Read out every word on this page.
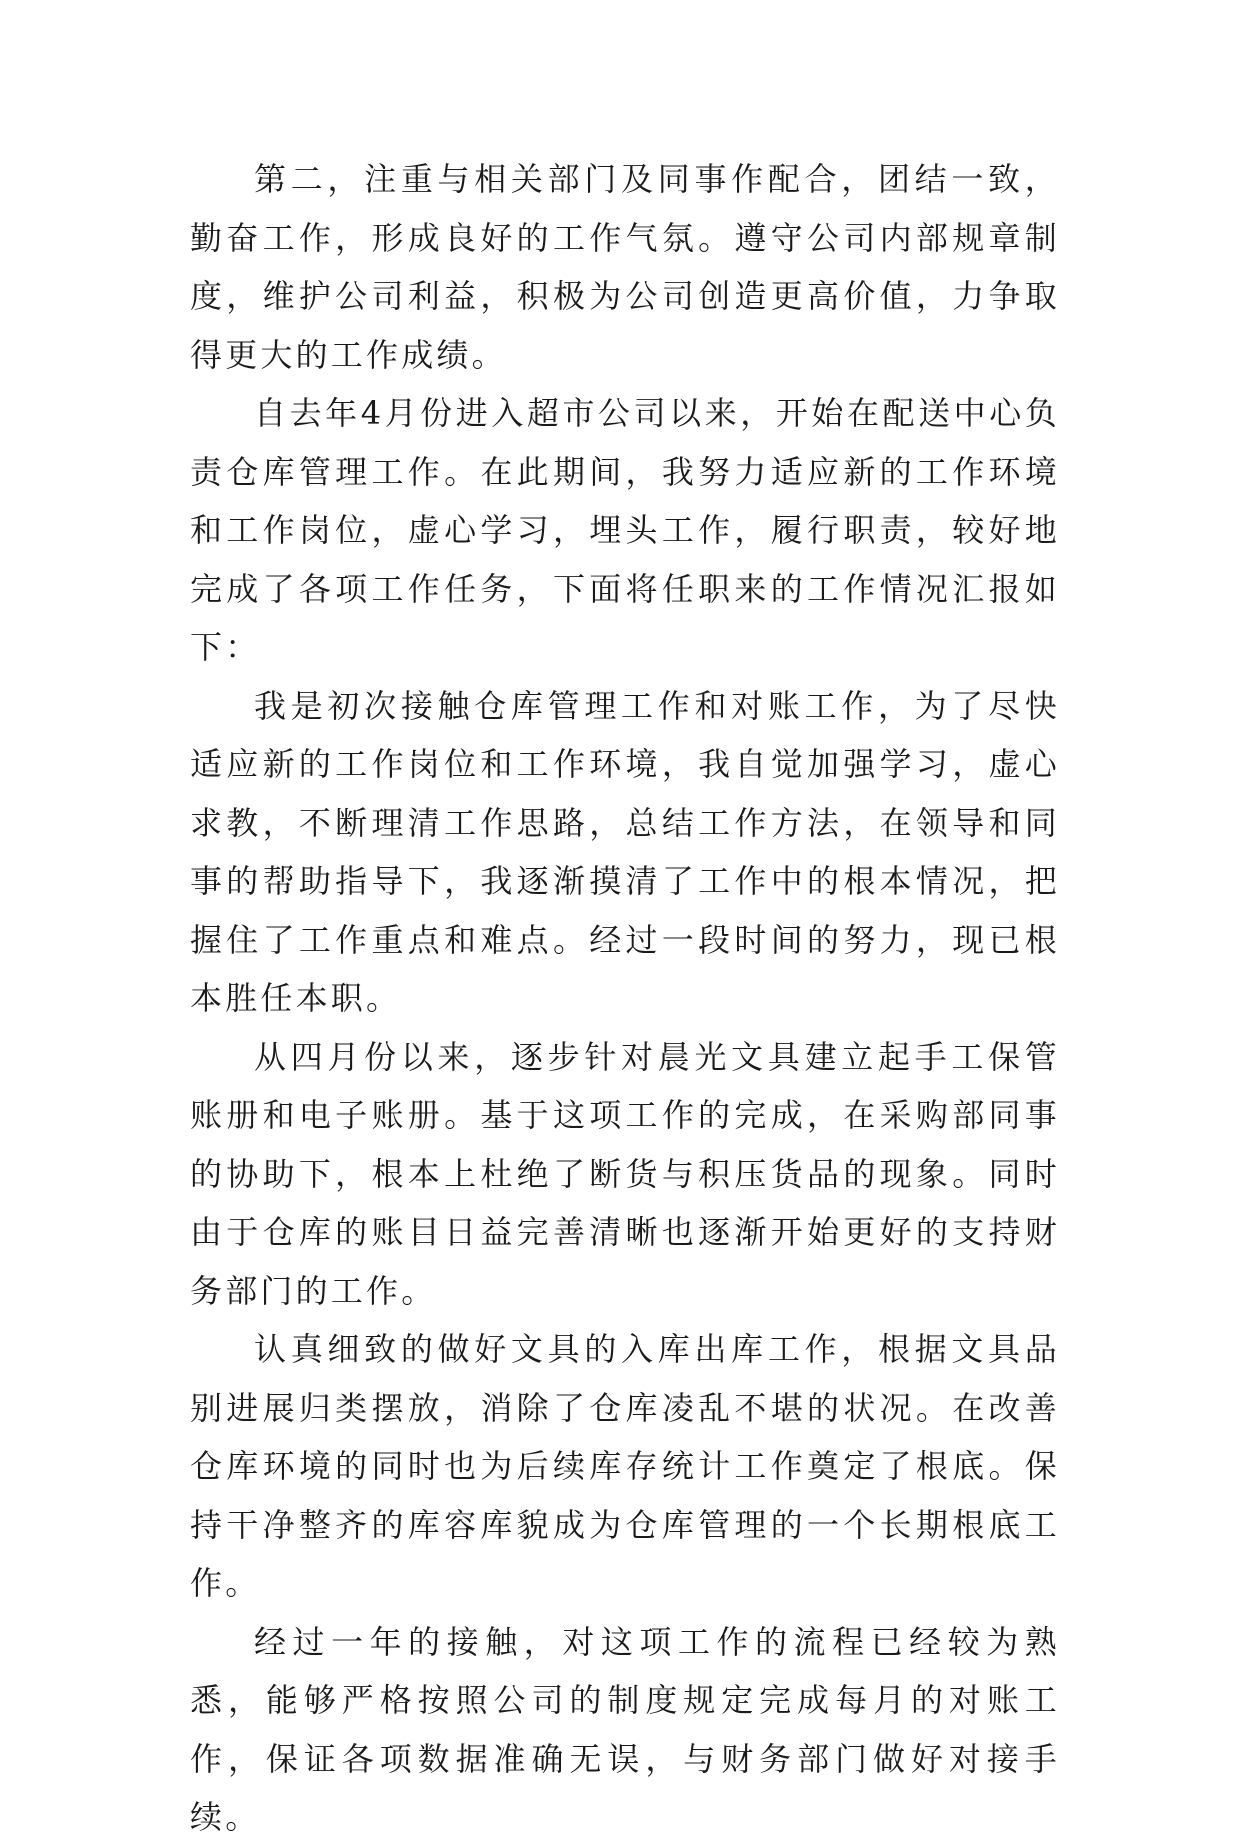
第二，注重与相关部门及同事作配合，团结一致，勤奋工作，形成良好的工作气氛。遵守公司内部规章制度，维护公司利益，积极为公司创造更高价值，力争取得更大的工作成绩。

自去年4月份进入超市公司以来，开始在配送中心负责仓库管理工作。在此期间，我努力适应新的工作环境和工作岗位，虚心学习，埋头工作，履行职责，较好地完成了各项工作任务，下面将任职来的工作情况汇报如下：

我是初次接触仓库管理工作和对账工作，为了尽快适应新的工作岗位和工作环境，我自觉加强学习，虚心求教，不断理清工作思路，总结工作方法，在领导和同事的帮助指导下，我逐渐摸清了工作中的根本情况，把握住了工作重点和难点。经过一段时间的努力，现已根本胜任本职。

从四月份以来，逐步针对晨光文具建立起手工保管账册和电子账册。基于这项工作的完成，在采购部同事的协助下，根本上杜绝了断货与积压货品的现象。同时由于仓库的账目日益完善清晰也逐渐开始更好的支持财务部门的工作。

认真细致的做好文具的入库出库工作，根据文具品别进展归类摆放，消除了仓库凌乱不堪的状况。在改善仓库环境的同时也为后续库存统计工作奠定了根底。保持干净整齐的库容库貌成为仓库管理的一个长期根底工作。

经过一年的接触，对这项工作的流程已经较为熟悉，能够严格按照公司的制度规定完成每月的对账工作，保证各项数据准确无误，与财务部门做好对接手续。
